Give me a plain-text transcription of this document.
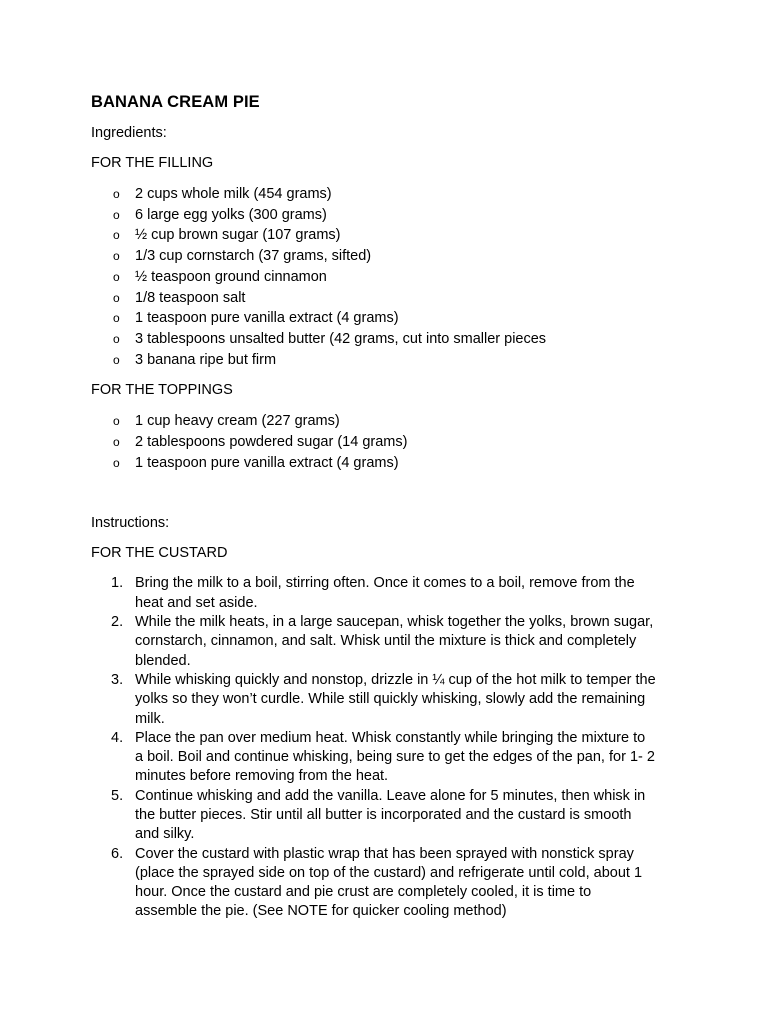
BANANA CREAM PIE
Ingredients:
FOR THE FILLING
o 2 cups whole milk (454 grams)
o 6 large egg yolks (300 grams)
o ½ cup brown sugar (107 grams)
o 1/3 cup cornstarch (37 grams, sifted)
o ½ teaspoon ground cinnamon
o 1/8 teaspoon salt
o 1 teaspoon pure vanilla extract (4 grams)
o 3 tablespoons unsalted butter (42 grams, cut into smaller pieces
o 3 banana ripe but firm
FOR THE TOPPINGS
o 1 cup heavy cream (227 grams)
o 2 tablespoons powdered sugar (14 grams)
o 1 teaspoon pure vanilla extract (4 grams)
Instructions:
FOR THE CUSTARD
1. Bring the milk to a boil, stirring often. Once it comes to a boil, remove from the
heat and set aside.
2. While the milk heats, in a large saucepan, whisk together the yolks, brown sugar,
cornstarch, cinnamon, and salt. Whisk until the mixture is thick and completely
blended.
3. While whisking quickly and nonstop, drizzle in ¼ cup of the hot milk to temper the
yolks so they won’t curdle. While still quickly whisking, slowly add the remaining
milk.
4. Place the pan over medium heat. Whisk constantly while bringing the mixture to
a boil. Boil and continue whisking, being sure to get the edges of the pan, for 1- 2
minutes before removing from the heat.
5. Continue whisking and add the vanilla. Leave alone for 5 minutes, then whisk in
the butter pieces. Stir until all butter is incorporated and the custard is smooth
and silky.
6. Cover the custard with plastic wrap that has been sprayed with nonstick spray
(place the sprayed side on top of the custard) and refrigerate until cold, about 1
hour. Once the custard and pie crust are completely cooled, it is time to
assemble the pie. (See NOTE for quicker cooling method)
